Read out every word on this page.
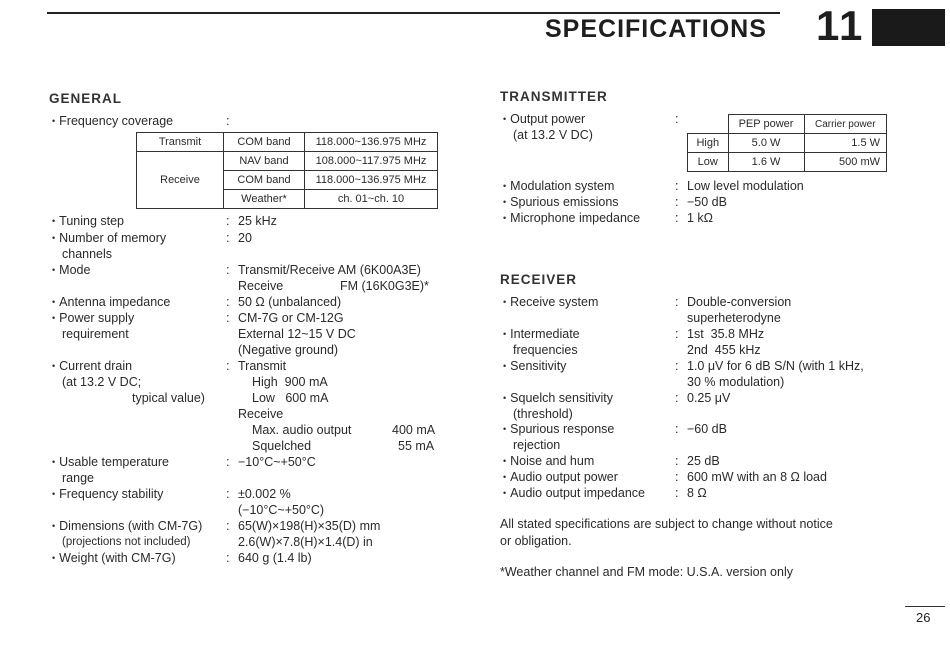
SPECIFICATIONS 11
GENERAL
• Frequency coverage	:
Transmit	COM band	118.000~136.975 MHz
Receive	NAV band	108.000~117.975 MHz
	COM band	118.000~136.975 MHz
	Weather*	ch. 01~ch. 10
• Tuning step	: 25 kHz
• Number of memory
channels
: 20
• Mode	: Transmit/Receive AM (6K00A3E)
Receive	FM (16K0G3E)*
• Antenna impedance	: 50 Ω (unbalanced)
• Power supply
requirement
: CM-7G or CM-12G
External 12~15 V DC
(Negative ground)
• Current drain
(at 13.2 V DC;
typical value)
: Transmit
High  900 mA
Low   600 mA
Receive
Max. audio output	400 mA
Squelched	55 mA
• Usable temperature
range
: −10°C~+50°C
• Frequency stability	: ±0.002 %
(−10°C~+50°C)
• Dimensions (with CM-7G)
(projections not included)
: 65(W)×198(H)×35(D) mm
2.6(W)×7.8(H)×1.4(D) in
• Weight (with CM-7G)	: 640 g (1.4 lb)
TRANSMITTER
• Output power
(at 13.2 V DC)
:
		PEP power	Carrier power
High	5.0 W	1.5 W
Low	1.6 W	500 mW
• Modulation system	: Low level modulation
• Spurious emissions	: −50 dB
• Microphone impedance	: 1 kΩ
RECEIVER
• Receive system	: Double-conversion
superheterodyne
• Intermediate
frequencies
: 1st  35.8 MHz
2nd  455 kHz
• Sensitivity	: 1.0 μV for 6 dB S/N (with 1 kHz,
30 % modulation)
• Squelch sensitivity
(threshold)
: 0.25 μV
• Spurious response
rejection
: −60 dB
• Noise and hum	: 25 dB
• Audio output power	: 600 mW with an 8 Ω load
• Audio output impedance : 8 Ω
All stated specifications are subject to change without notice
or obligation.
*Weather channel and FM mode: U.S.A. version only
26
